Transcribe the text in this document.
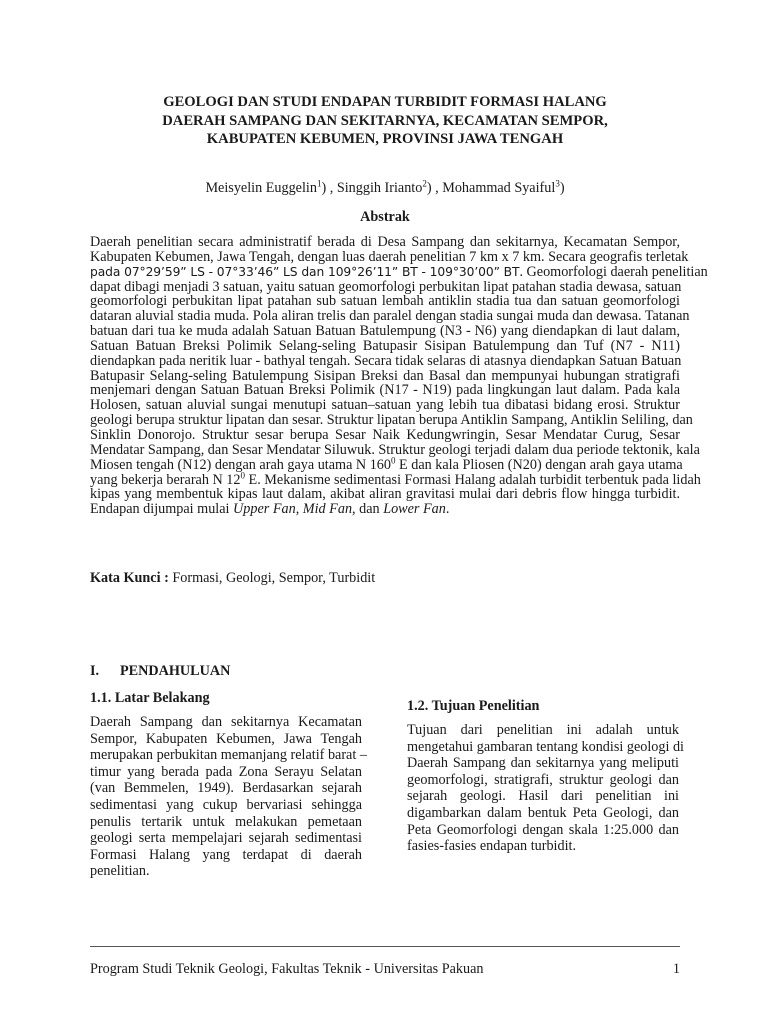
GEOLOGI DAN STUDI ENDAPAN TURBIDIT FORMASI HALANG
DAERAH SAMPANG DAN SEKITARNYA, KECAMATAN SEMPOR,
KABUPATEN KEBUMEN, PROVINSI JAWA TENGAH
Meisyelin Euggelin$^1$) , Singgih Irianto$^2$) , Mohammad Syaiful$^3$)
Abstrak
Daerah penelitian secara administratif berada di Desa Sampang dan sekitarnya, Kecamatan Sempor,
Kabupaten Kebumen, Jawa Tengah, dengan luas daerah penelitian 7 km x 7 km. Secara geografis terletak
pada 07°29’59” LS - 07°33’46” LS dan 109°26’11” BT - 109°30’00” BT. Geomorfologi daerah penelitian
dapat dibagi menjadi 3 satuan, yaitu satuan geomorfologi perbukitan lipat patahan stadia dewasa, satuan
geomorfologi perbukitan lipat patahan sub satuan lembah antiklin stadia tua dan satuan geomorfologi
dataran aluvial stadia muda. Pola aliran trelis dan paralel dengan stadia sungai muda dan dewasa. Tatanan
batuan dari tua ke muda adalah Satuan Batuan Batulempung (N3 - N6) yang diendapkan di laut dalam,
Satuan Batuan Breksi Polimik Selang-seling Batupasir Sisipan Batulempung dan Tuf (N7 - N11)
diendapkan pada neritik luar - bathyal tengah. Secara tidak selaras di atasnya diendapkan Satuan Batuan
Batupasir Selang-seling Batulempung Sisipan Breksi dan Basal dan mempunyai hubungan stratigrafi
menjemari dengan Satuan Batuan Breksi Polimik (N17 - N19) pada lingkungan laut dalam. Pada kala
Holosen, satuan aluvial sungai menutupi satuan–satuan yang lebih tua dibatasi bidang erosi. Struktur
geologi berupa struktur lipatan dan sesar. Struktur lipatan berupa Antiklin Sampang, Antiklin Seliling, dan
Sinklin Donorojo. Struktur sesar berupa Sesar Naik Kedungwringin, Sesar Mendatar Curug, Sesar
Mendatar Sampang, dan Sesar Mendatar Siluwuk. Struktur geologi terjadi dalam dua periode tektonik, kala
Miosen tengah (N12) dengan arah gaya utama N $160^0$ E dan kala Pliosen (N20) dengan arah gaya utama
yang bekerja berarah N $12^0$ E. Mekanisme sedimentasi Formasi Halang adalah turbidit terbentuk pada lidah
kipas yang membentuk kipas laut dalam, akibat aliran gravitasi mulai dari debris flow hingga turbidit.
Endapan dijumpai mulai Upper Fan, Mid Fan, dan Lower Fan.
Kata Kunci : Formasi, Geologi, Sempor, Turbidit
I. PENDAHULUAN
1.1. Latar Belakang	1.2. Tujuan Penelitian
Daerah Sampang dan sekitarnya Kecamatan
Sempor, Kabupaten Kebumen, Jawa Tengah
merupakan perbukitan memanjang relatif barat –
timur yang berada pada Zona Serayu Selatan
(van Bemmelen, 1949). Berdasarkan sejarah
sedimentasi yang cukup bervariasi sehingga
penulis tertarik untuk melakukan pemetaan
geologi serta mempelajari sejarah sedimentasi
Formasi Halang yang terdapat di daerah
penelitian.
Tujuan dari penelitian ini adalah untuk
mengetahui gambaran tentang kondisi geologi di
Daerah Sampang dan sekitarnya yang meliputi
geomorfologi, stratigrafi, struktur geologi dan
sejarah geologi. Hasil dari penelitian ini
digambarkan dalam bentuk Peta Geologi, dan
Peta Geomorfologi dengan skala 1:25.000 dan
fasies-fasies endapan turbidit.
Program Studi Teknik Geologi, Fakultas Teknik - Universitas Pakuan	1
